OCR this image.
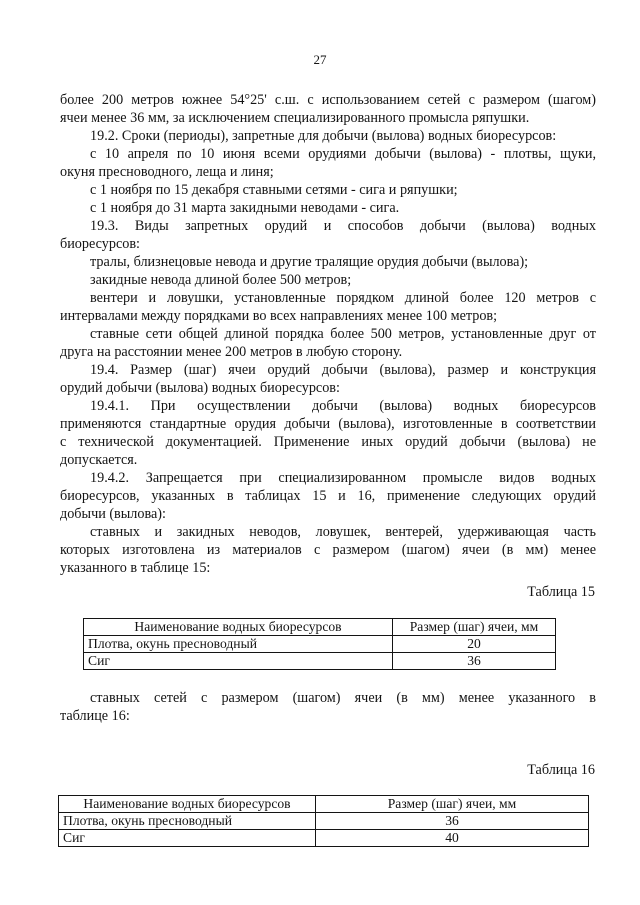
27
более 200 метров южнее 54°25' с.ш. с использованием сетей с размером (шагом)
ячеи менее 36 мм, за исключением специализированного промысла ряпушки.
19.2. Сроки (периоды), запретные для добычи (вылова) водных биоресурсов:
с 10 апреля по 10 июня всеми орудиями добычи (вылова) - плотвы, щуки,
окуня пресноводного, леща и линя;
с 1 ноября по 15 декабря ставными сетями - сига и ряпушки;
с 1 ноября до 31 марта закидными неводами - сига.
19.3. Виды запретных орудий и способов добычи (вылова) водных
биоресурсов:
тралы, близнецовые невода и другие тралящие орудия добычи (вылова);
закидные невода длиной более 500 метров;
вентери и ловушки, установленные порядком длиной более 120 метров с
интервалами между порядками во всех направлениях менее 100 метров;
ставные сети общей длиной порядка более 500 метров, установленные друг от
друга на расстоянии менее 200 метров в любую сторону.
19.4. Размер (шаг) ячеи орудий добычи (вылова), размер и конструкция
орудий добычи (вылова) водных биоресурсов:
19.4.1. При осуществлении добычи (вылова) водных биоресурсов
применяются стандартные орудия добычи (вылова), изготовленные в соответствии
с технической документацией. Применение иных орудий добычи (вылова) не
допускается.
19.4.2. Запрещается при специализированном промысле видов водных
биоресурсов, указанных в таблицах 15 и 16, применение следующих орудий
добычи (вылова):
ставных и закидных неводов, ловушек, вентерей, удерживающая часть
которых изготовлена из материалов с размером (шагом) ячеи (в мм) менее
указанного в таблице 15:
Таблица 15
Наименование водных биоресурсов	Размер (шаг) ячеи, мм
Плотва, окунь пресноводный	20
Сиг	36
ставных сетей с размером (шагом) ячеи (в мм) менее указанного в
таблице 16:
Таблица 16
Наименование водных биоресурсов	Размер (шаг) ячеи, мм
Плотва, окунь пресноводный	36
Сиг	40
